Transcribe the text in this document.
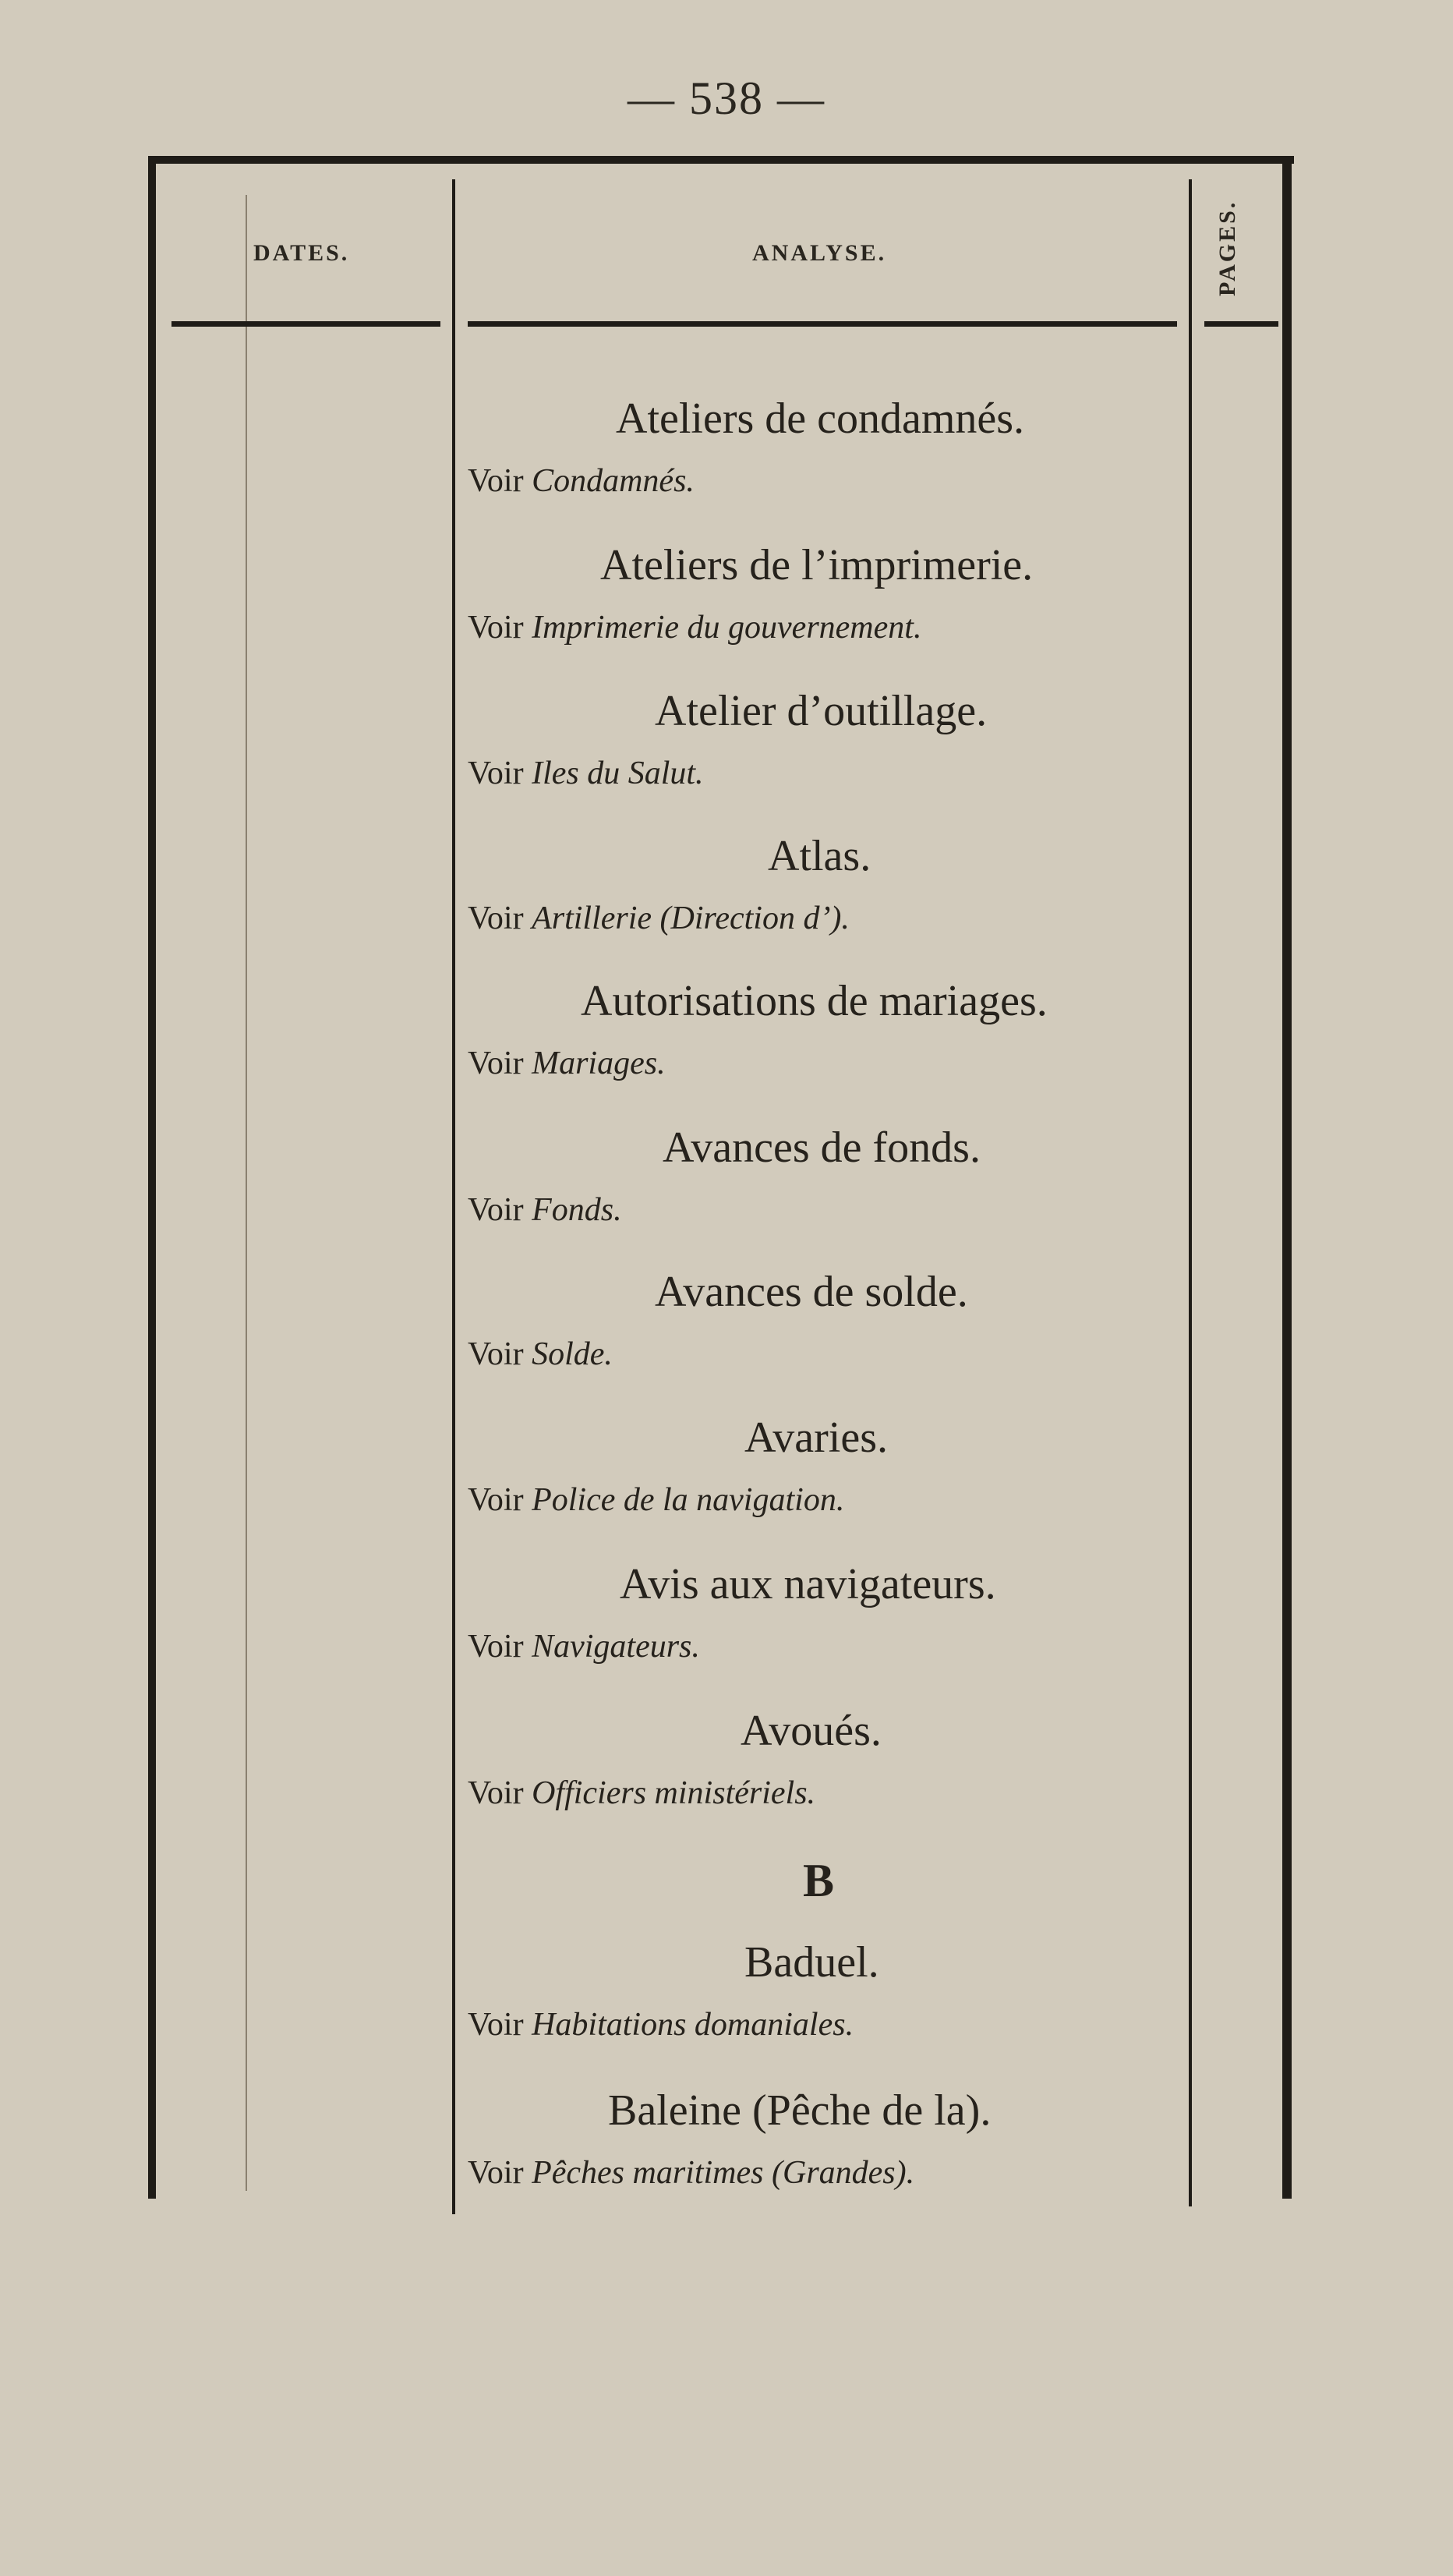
— 538 —
DATES.	ANALYSE.	PAGES.
Ateliers de condamnés.
Voir Condamnés.
Ateliers de l’imprimerie.
Voir Imprimerie du gouvernement.
Atelier d’outillage.
Voir Iles du Salut.
Atlas.
Voir Artillerie (Direction d’).
Autorisations de mariages.
Voir Mariages.
Avances de fonds.
Voir Fonds.
Avances de solde.
Voir Solde.
Avaries.
Voir Police de la navigation.
Avis aux navigateurs.
Voir Navigateurs.
Avoués.
Voir Officiers ministériels.
B
Baduel.
Voir Habitations domaniales.
Baleine (Pêche de la).
Voir Pêches maritimes (Grandes).
